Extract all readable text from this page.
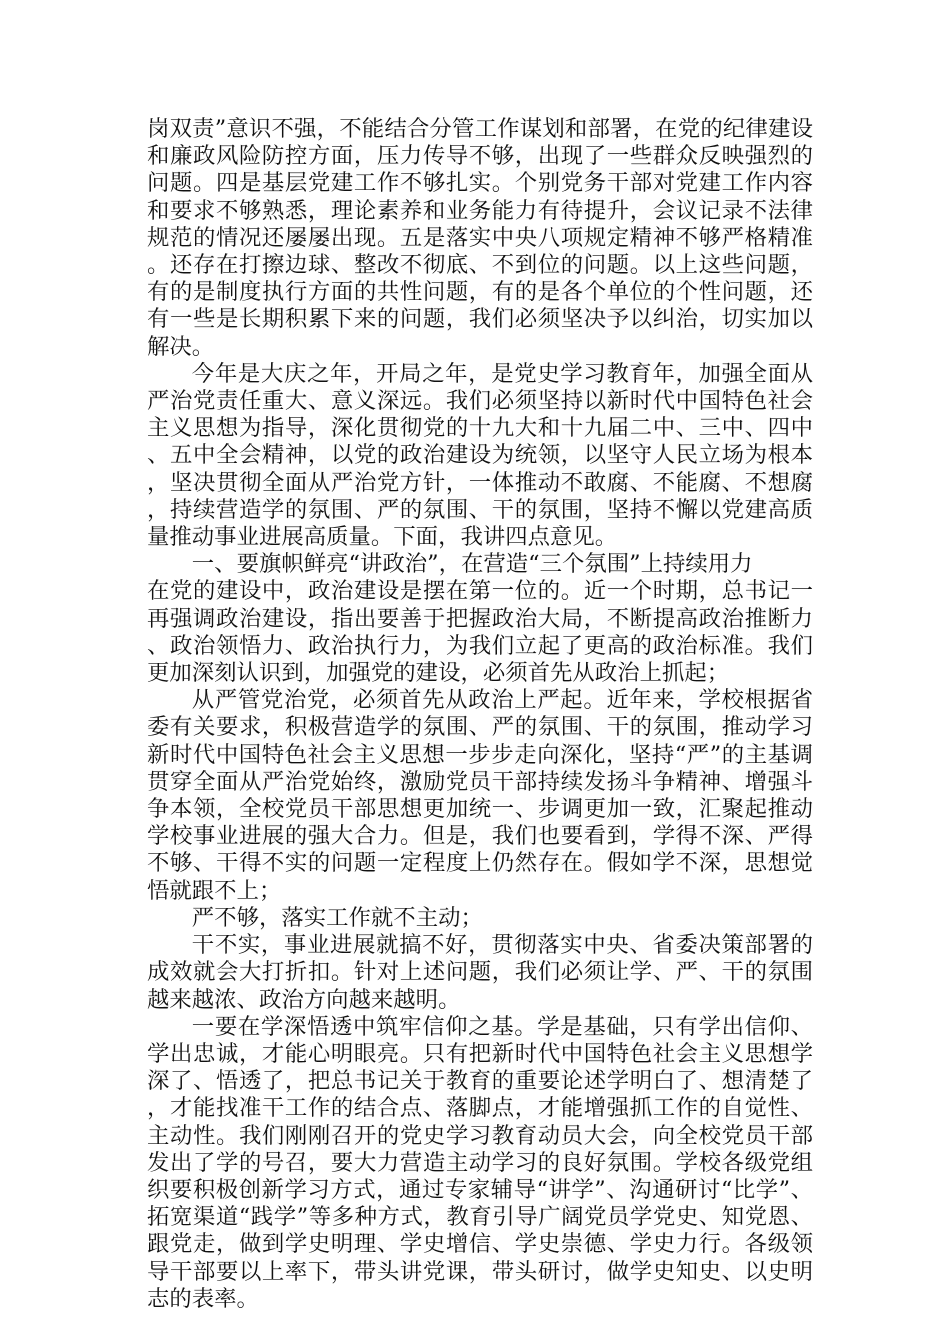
岗双责”意识不强，不能结合分管工作谋划和部署，在党的纪律建设和廉政风险防控方面，压力传导不够，出现了一些群众反映强烈的问题。四是基层党建工作不够扎实。个别党务干部对党建工作内容和要求不够熟悉，理论素养和业务能力有待提升，会议记录不法律规范的情况还屡屡出现。五是落实中央八项规定精神不够严格精准。还存在打擦边球、整改不彻底、不到位的问题。以上这些问题，有的是制度执行方面的共性问题，有的是各个单位的个性问题，还有一些是长期积累下来的问题，我们必须坚决予以纠治，切实加以解决。

今年是大庆之年，开局之年，是党史学习教育年，加强全面从严治党责任重大、意义深远。我们必须坚持以新时代中国特色社会主义思想为指导，深化贯彻党的十九大和十九届二中、三中、四中、五中全会精神，以党的政治建设为统领，以坚守人民立场为根本，坚决贯彻全面从严治党方针，一体推动不敢腐、不能腐、不想腐，持续营造学的氛围、严的氛围、干的氛围，坚持不懈以党建高质量推动事业进展高质量。下面，我讲四点意见。

一、要旗帜鲜亮“讲政治”，在营造“三个氛围”上持续用力

在党的建设中，政治建设是摆在第一位的。近一个时期，总书记一再强调政治建设，指出要善于把握政治大局，不断提高政治推断力、政治领悟力、政治执行力，为我们立起了更高的政治标准。我们更加深刻认识到，加强党的建设，必须首先从政治上抓起；

从严管党治党，必须首先从政治上严起。近年来，学校根据省委有关要求，积极营造学的氛围、严的氛围、干的氛围，推动学习新时代中国特色社会主义思想一步步走向深化，坚持“严”的主基调贯穿全面从严治党始终，激励党员干部持续发扬斗争精神、增强斗争本领，全校党员干部思想更加统一、步调更加一致，汇聚起推动学校事业进展的强大合力。但是，我们也要看到，学得不深、严得不够、干得不实的问题一定程度上仍然存在。假如学不深，思想觉悟就跟不上；

严不够，落实工作就不主动；

干不实，事业进展就搞不好，贯彻落实中央、省委决策部署的成效就会大打折扣。针对上述问题，我们必须让学、严、干的氛围越来越浓、政治方向越来越明。

一要在学深悟透中筑牢信仰之基。学是基础，只有学出信仰、学出忠诚，才能心明眼亮。只有把新时代中国特色社会主义思想学深了、悟透了，把总书记关于教育的重要论述学明白了、想清楚了，才能找准干工作的结合点、落脚点，才能增强抓工作的自觉性、主动性。我们刚刚召开的党史学习教育动员大会，向全校党员干部发出了学的号召，要大力营造主动学习的良好氛围。学校各级党组织要积极创新学习方式，通过专家辅导“讲学”、沟通研讨“比学”、拓宽渠道“践学”等多种方式，教育引导广阔党员学党史、知党恩、跟党走，做到学史明理、学史增信、学史崇德、学史力行。各级领导干部要以上率下，带头讲党课，带头研讨，做学史知史、以史明志的表率。
